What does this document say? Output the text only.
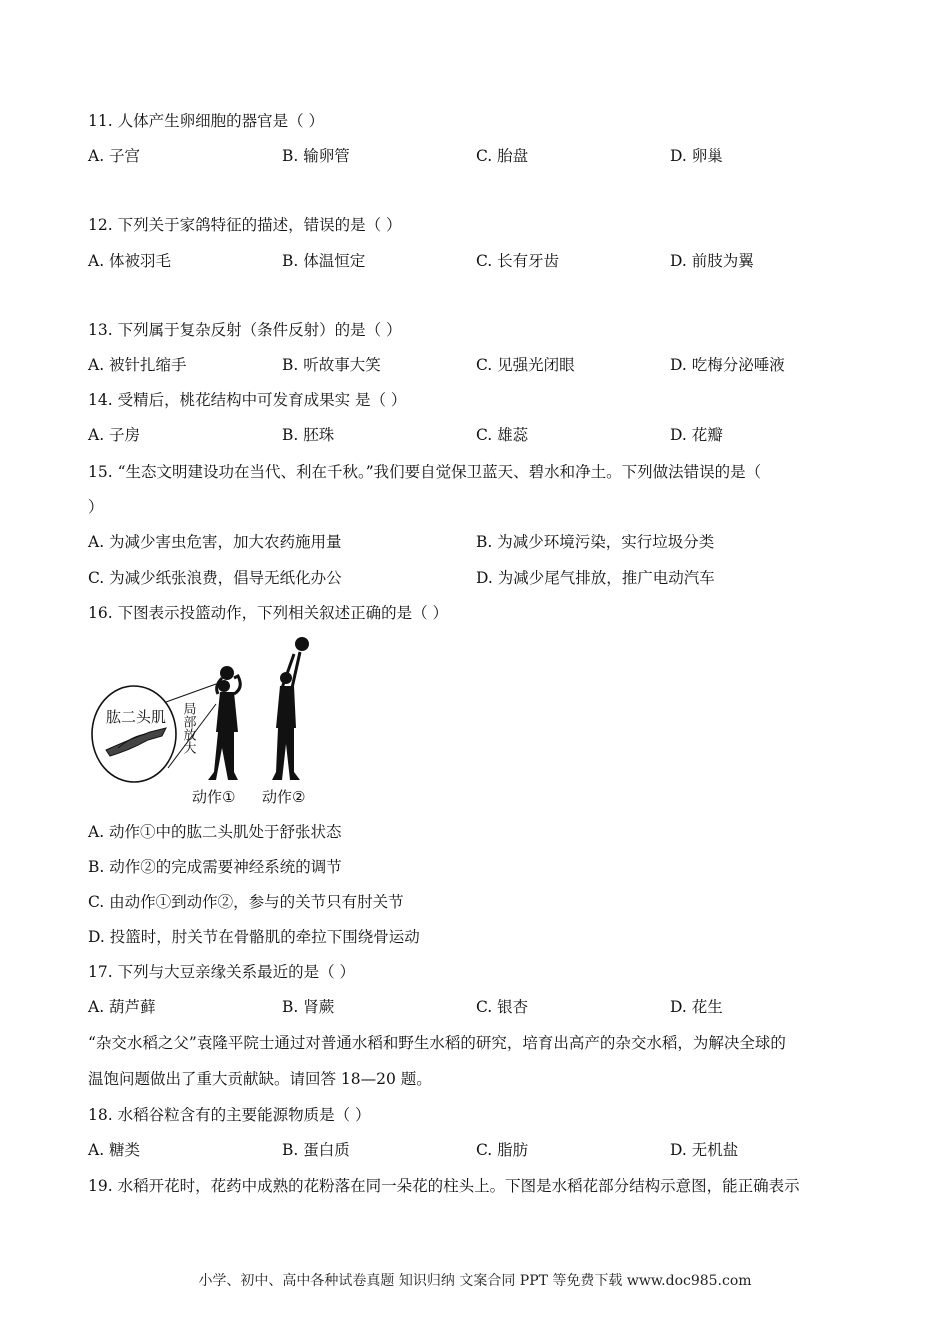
11. 人体产生卵细胞的器官是（ ）
A. 子宫	B. 输卵管	C. 胎盘	D. 卵巢
12. 下列关于家鸽特征的描述，错误的是（ ）
A. 体被羽毛	B. 体温恒定	C. 长有牙齿	D. 前肢为翼
13. 下列属于复杂反射（条件反射）的是（ ）
A. 被针扎缩手	B. 听故事大笑	C. 见强光闭眼	D. 吃梅分泌唾液
14. 受精后，桃花结构中可发育成果实 是（ ）
A. 子房	B. 胚珠	C. 雄蕊	D. 花瓣
15. “生态文明建设功在当代、利在千秋。”我们要自觉保卫蓝天、碧水和净土。下列做法错误的是（
）
A. 为减少害虫危害，加大农药施用量	B. 为减少环境污染，实行垃圾分类
C. 为减少纸张浪费，倡导无纸化办公	D. 为减少尾气排放，推广电动汽车
16. 下图表示投篮动作，下列相关叙述正确的是（ ）
肱二头肌 局部放大
动作① 动作②
A. 动作①中的肱二头肌处于舒张状态
B. 动作②的完成需要神经系统的调节
C. 由动作①到动作②，参与的关节只有肘关节
D. 投篮时，肘关节在骨骼肌的牵拉下围绕骨运动
17. 下列与大豆亲缘关系最近的是（ ）
A. 葫芦藓	B. 肾蕨	C. 银杏	D. 花生
“杂交水稻之父”袁隆平院士通过对普通水稻和野生水稻的研究，培育出高产的杂交水稻，为解决全球的
温饱问题做出了重大贡献缺。请回答 18—20 题。
18. 水稻谷粒含有的主要能源物质是（ ）
A. 糖类	B. 蛋白质	C. 脂肪	D. 无机盐
19. 水稻开花时，花药中成熟的花粉落在同一朵花的柱头上。下图是水稻花部分结构示意图，能正确表示
小学、初中、高中各种试卷真题 知识归纳 文案合同 PPT 等免费下载 www.doc985.com
